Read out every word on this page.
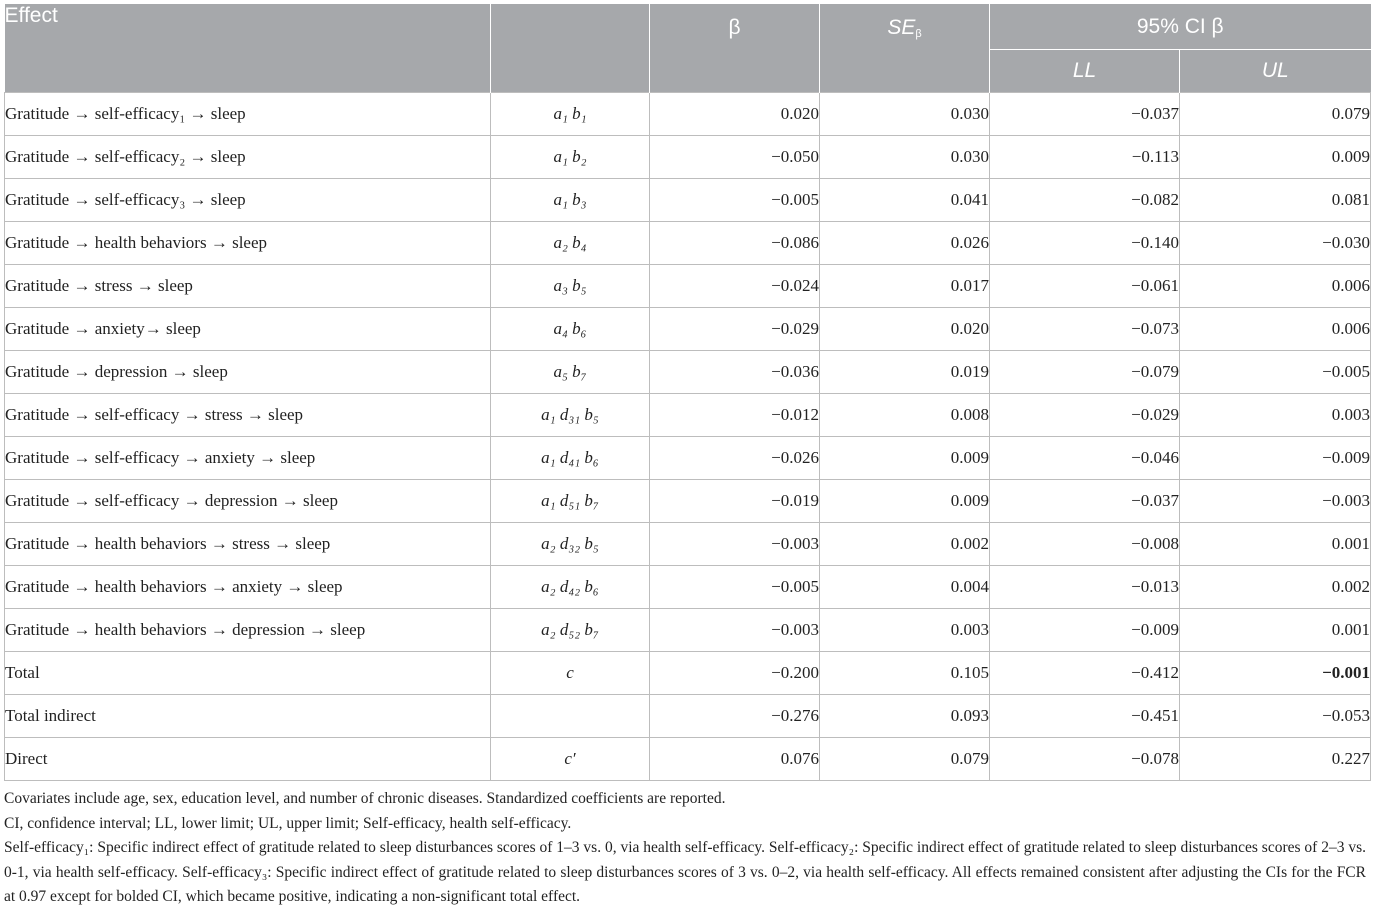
Effect		β	$SE_\beta$	95% CI β	
				LL	UL
Gratitude → self-efficacy₁ → sleep	a₁ b₁	0.020	0.030	−0.037	0.079
Gratitude → self-efficacy₂ → sleep	a₁ b₂	−0.050	0.030	−0.113	0.009
Gratitude → self-efficacy₃ → sleep	a₁ b₃	−0.005	0.041	−0.082	0.081
Gratitude → health behaviors → sleep	a₂ b₄	−0.086	0.026	−0.140	−0.030
Gratitude → stress → sleep	a₃ b₅	−0.024	0.017	−0.061	0.006
Gratitude → anxiety→ sleep	a₄ b₆	−0.029	0.020	−0.073	0.006
Gratitude → depression → sleep	a₅ b₇	−0.036	0.019	−0.079	−0.005
Gratitude → self-efficacy → stress → sleep	a₁ d₃₁ b₅	−0.012	0.008	−0.029	0.003
Gratitude → self-efficacy → anxiety → sleep	a₁ d₄₁ b₆	−0.026	0.009	−0.046	−0.009
Gratitude → self-efficacy → depression → sleep	a₁ d₅₁ b₇	−0.019	0.009	−0.037	−0.003
Gratitude → health behaviors → stress → sleep	a₂ d₃₂ b₅	−0.003	0.002	−0.008	0.001
Gratitude → health behaviors → anxiety → sleep	a₂ d₄₂ b₆	−0.005	0.004	−0.013	0.002
Gratitude → health behaviors → depression → sleep	a₂ d₅₂ b₇	−0.003	0.003	−0.009	0.001
Total	c	−0.200	0.105	−0.412	−0.001
Total indirect		−0.276	0.093	−0.451	−0.053
Direct	c′	0.076	0.079	−0.078	0.227

Covariates include age, sex, education level, and number of chronic diseases. Standardized coefficients are reported.

CI, confidence interval; LL, lower limit; UL, upper limit; Self-efficacy, health self-efficacy.

Self-efficacy₁: Specific indirect effect of gratitude related to sleep disturbances scores of 1–3 vs. 0, via health self-efficacy. Self-efficacy₂: Specific indirect effect of gratitude related to sleep disturbances scores of 2–3 vs. 0-1, via health self-efficacy. Self-efficacy₃: Specific indirect effect of gratitude related to sleep disturbances scores of 3 vs. 0–2, via health self-efficacy. All effects remained consistent after adjusting the CIs for the FCR at 0.97 except for bolded CI, which became positive, indicating a non-significant total effect.
